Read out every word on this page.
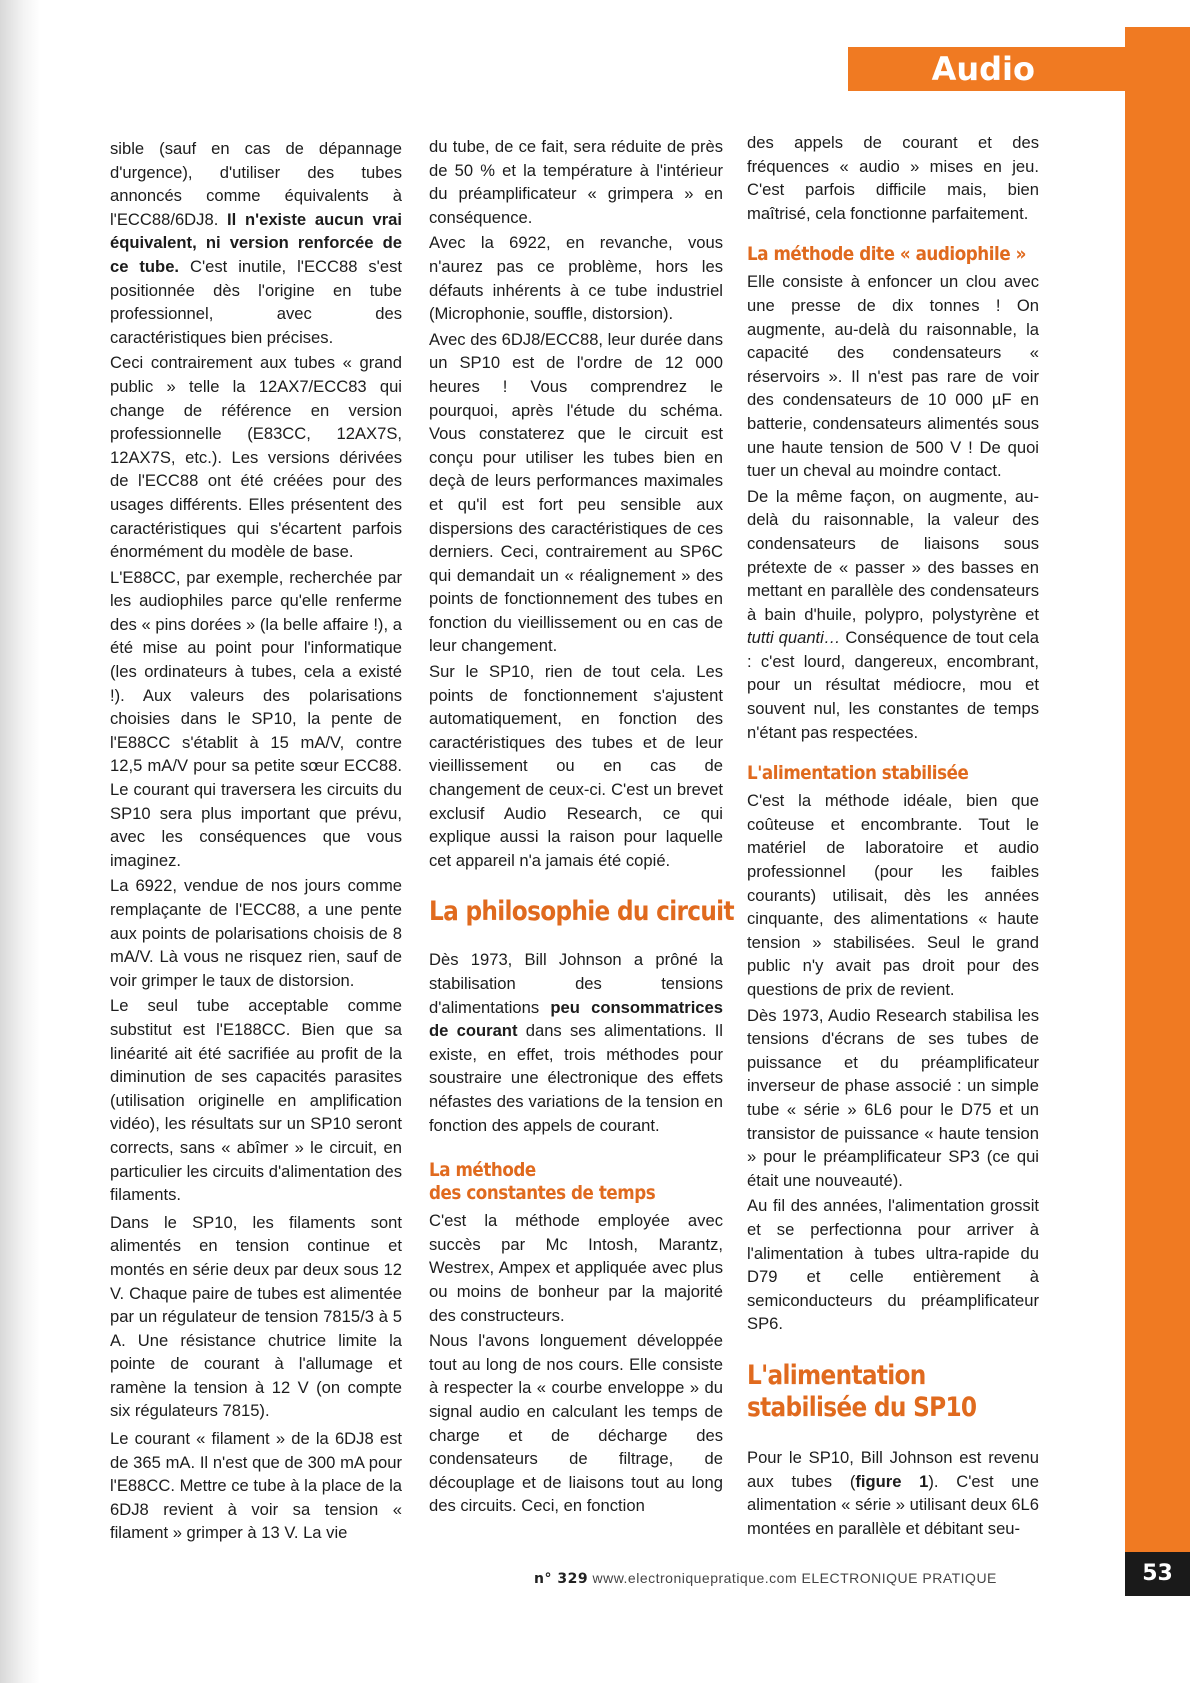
Audio

sible (sauf en cas de dépannage d'urgence), d'utiliser des tubes annoncés comme équivalents à l'ECC88/6DJ8. Il n'existe aucun vrai équivalent, ni version renforcée de ce tube. C'est inutile, l'ECC88 s'est positionnée dès l'origine en tube professionnel, avec des caractéristiques bien précises.

Ceci contrairement aux tubes « grand public » telle la 12AX7/ECC83 qui change de référence en version professionnelle (E83CC, 12AX7S, 12AX7S, etc.). Les versions dérivées de l'ECC88 ont été créées pour des usages différents. Elles présentent des caractéristiques qui s'écartent parfois énormément du modèle de base.

L'E88CC, par exemple, recherchée par les audiophiles parce qu'elle renferme des « pins dorées » (la belle affaire !), a été mise au point pour l'informatique (les ordinateurs à tubes, cela a existé !). Aux valeurs des polarisations choisies dans le SP10, la pente de l'E88CC s'établit à 15 mA/V, contre 12,5 mA/V pour sa petite sœur ECC88. Le courant qui traversera les circuits du SP10 sera plus important que prévu, avec les conséquences que vous imaginez.

La 6922, vendue de nos jours comme remplaçante de l'ECC88, a une pente aux points de polarisations choisis de 8 mA/V. Là vous ne risquez rien, sauf de voir grimper le taux de distorsion.

Le seul tube acceptable comme substitut est l'E188CC. Bien que sa linéarité ait été sacrifiée au profit de la diminution de ses capacités parasites (utilisation originelle en amplification vidéo), les résultats sur un SP10 seront corrects, sans « abîmer » le circuit, en particulier les circuits d'alimentation des filaments.

Dans le SP10, les filaments sont alimentés en tension continue et montés en série deux par deux sous 12 V. Chaque paire de tubes est alimentée par un régulateur de tension 7815/3 à 5 A. Une résistance chutrice limite la pointe de courant à l'allumage et ramène la tension à 12 V (on compte six régulateurs 7815).

Le courant « filament » de la 6DJ8 est de 365 mA. Il n'est que de 300 mA pour l'E88CC. Mettre ce tube à la place de la 6DJ8 revient à voir sa tension « filament » grimper à 13 V. La vie

du tube, de ce fait, sera réduite de près de 50 % et la température à l'intérieur du préamplificateur « grimpera » en conséquence.

Avec la 6922, en revanche, vous n'aurez pas ce problème, hors les défauts inhérents à ce tube industriel (Microphonie, souffle, distorsion).

Avec des 6DJ8/ECC88, leur durée dans un SP10 est de l'ordre de 12 000 heures ! Vous comprendrez le pourquoi, après l'étude du schéma. Vous constaterez que le circuit est conçu pour utiliser les tubes bien en deçà de leurs performances maximales et qu'il est fort peu sensible aux dispersions des caractéristiques de ces derniers. Ceci, contrairement au SP6C qui demandait un « réalignement » des points de fonctionnement des tubes en fonction du vieillissement ou en cas de leur changement.

Sur le SP10, rien de tout cela. Les points de fonctionnement s'ajustent automatiquement, en fonction des caractéristiques des tubes et de leur vieillissement ou en cas de changement de ceux-ci. C'est un brevet exclusif Audio Research, ce qui explique aussi la raison pour laquelle cet appareil n'a jamais été copié.

La philosophie du circuit

Dès 1973, Bill Johnson a prôné la stabilisation des tensions d'alimentations peu consommatrices de courant dans ses alimentations. Il existe, en effet, trois méthodes pour soustraire une électronique des effets néfastes des variations de la tension en fonction des appels de courant.

La méthode
des constantes de temps

C'est la méthode employée avec succès par Mc Intosh, Marantz, Westrex, Ampex et appliquée avec plus ou moins de bonheur par la majorité des constructeurs.

Nous l'avons longuement développée tout au long de nos cours. Elle consiste à respecter la « courbe enveloppe » du signal audio en calculant les temps de charge et de décharge des condensateurs de filtrage, de découplage et de liaisons tout au long des circuits. Ceci, en fonction

des appels de courant et des fréquences « audio » mises en jeu. C'est parfois difficile mais, bien maîtrisé, cela fonctionne parfaitement.

La méthode dite « audiophile »

Elle consiste à enfoncer un clou avec une presse de dix tonnes ! On augmente, au-delà du raisonnable, la capacité des condensateurs « réservoirs ». Il n'est pas rare de voir des condensateurs de 10 000 µF en batterie, condensateurs alimentés sous une haute tension de 500 V ! De quoi tuer un cheval au moindre contact.

De la même façon, on augmente, au-delà du raisonnable, la valeur des condensateurs de liaisons sous prétexte de « passer » des basses en mettant en parallèle des condensateurs à bain d'huile, polypro, polystyrène et tutti quanti… Conséquence de tout cela : c'est lourd, dangereux, encombrant, pour un résultat médiocre, mou et souvent nul, les constantes de temps n'étant pas respectées.

L'alimentation stabilisée

C'est la méthode idéale, bien que coûteuse et encombrante. Tout le matériel de laboratoire et audio professionnel (pour les faibles courants) utilisait, dès les années cinquante, des alimentations « haute tension » stabilisées. Seul le grand public n'y avait pas droit pour des questions de prix de revient.

Dès 1973, Audio Research stabilisa les tensions d'écrans de ses tubes de puissance et du préamplificateur inverseur de phase associé : un simple tube « série » 6L6 pour le D75 et un transistor de puissance « haute tension » pour le préamplificateur SP3 (ce qui était une nouveauté).

Au fil des années, l'alimentation grossit et se perfectionna pour arriver à l'alimentation à tubes ultra-rapide du D79 et celle entièrement à semiconducteurs du préamplificateur SP6.

L'alimentation
stabilisée du SP10

Pour le SP10, Bill Johnson est revenu aux tubes (figure 1). C'est une alimentation « série » utilisant deux 6L6 montées en parallèle et débitant seu-

n° 329 www.electroniquepratique.com ELECTRONIQUE PRATIQUE	53
